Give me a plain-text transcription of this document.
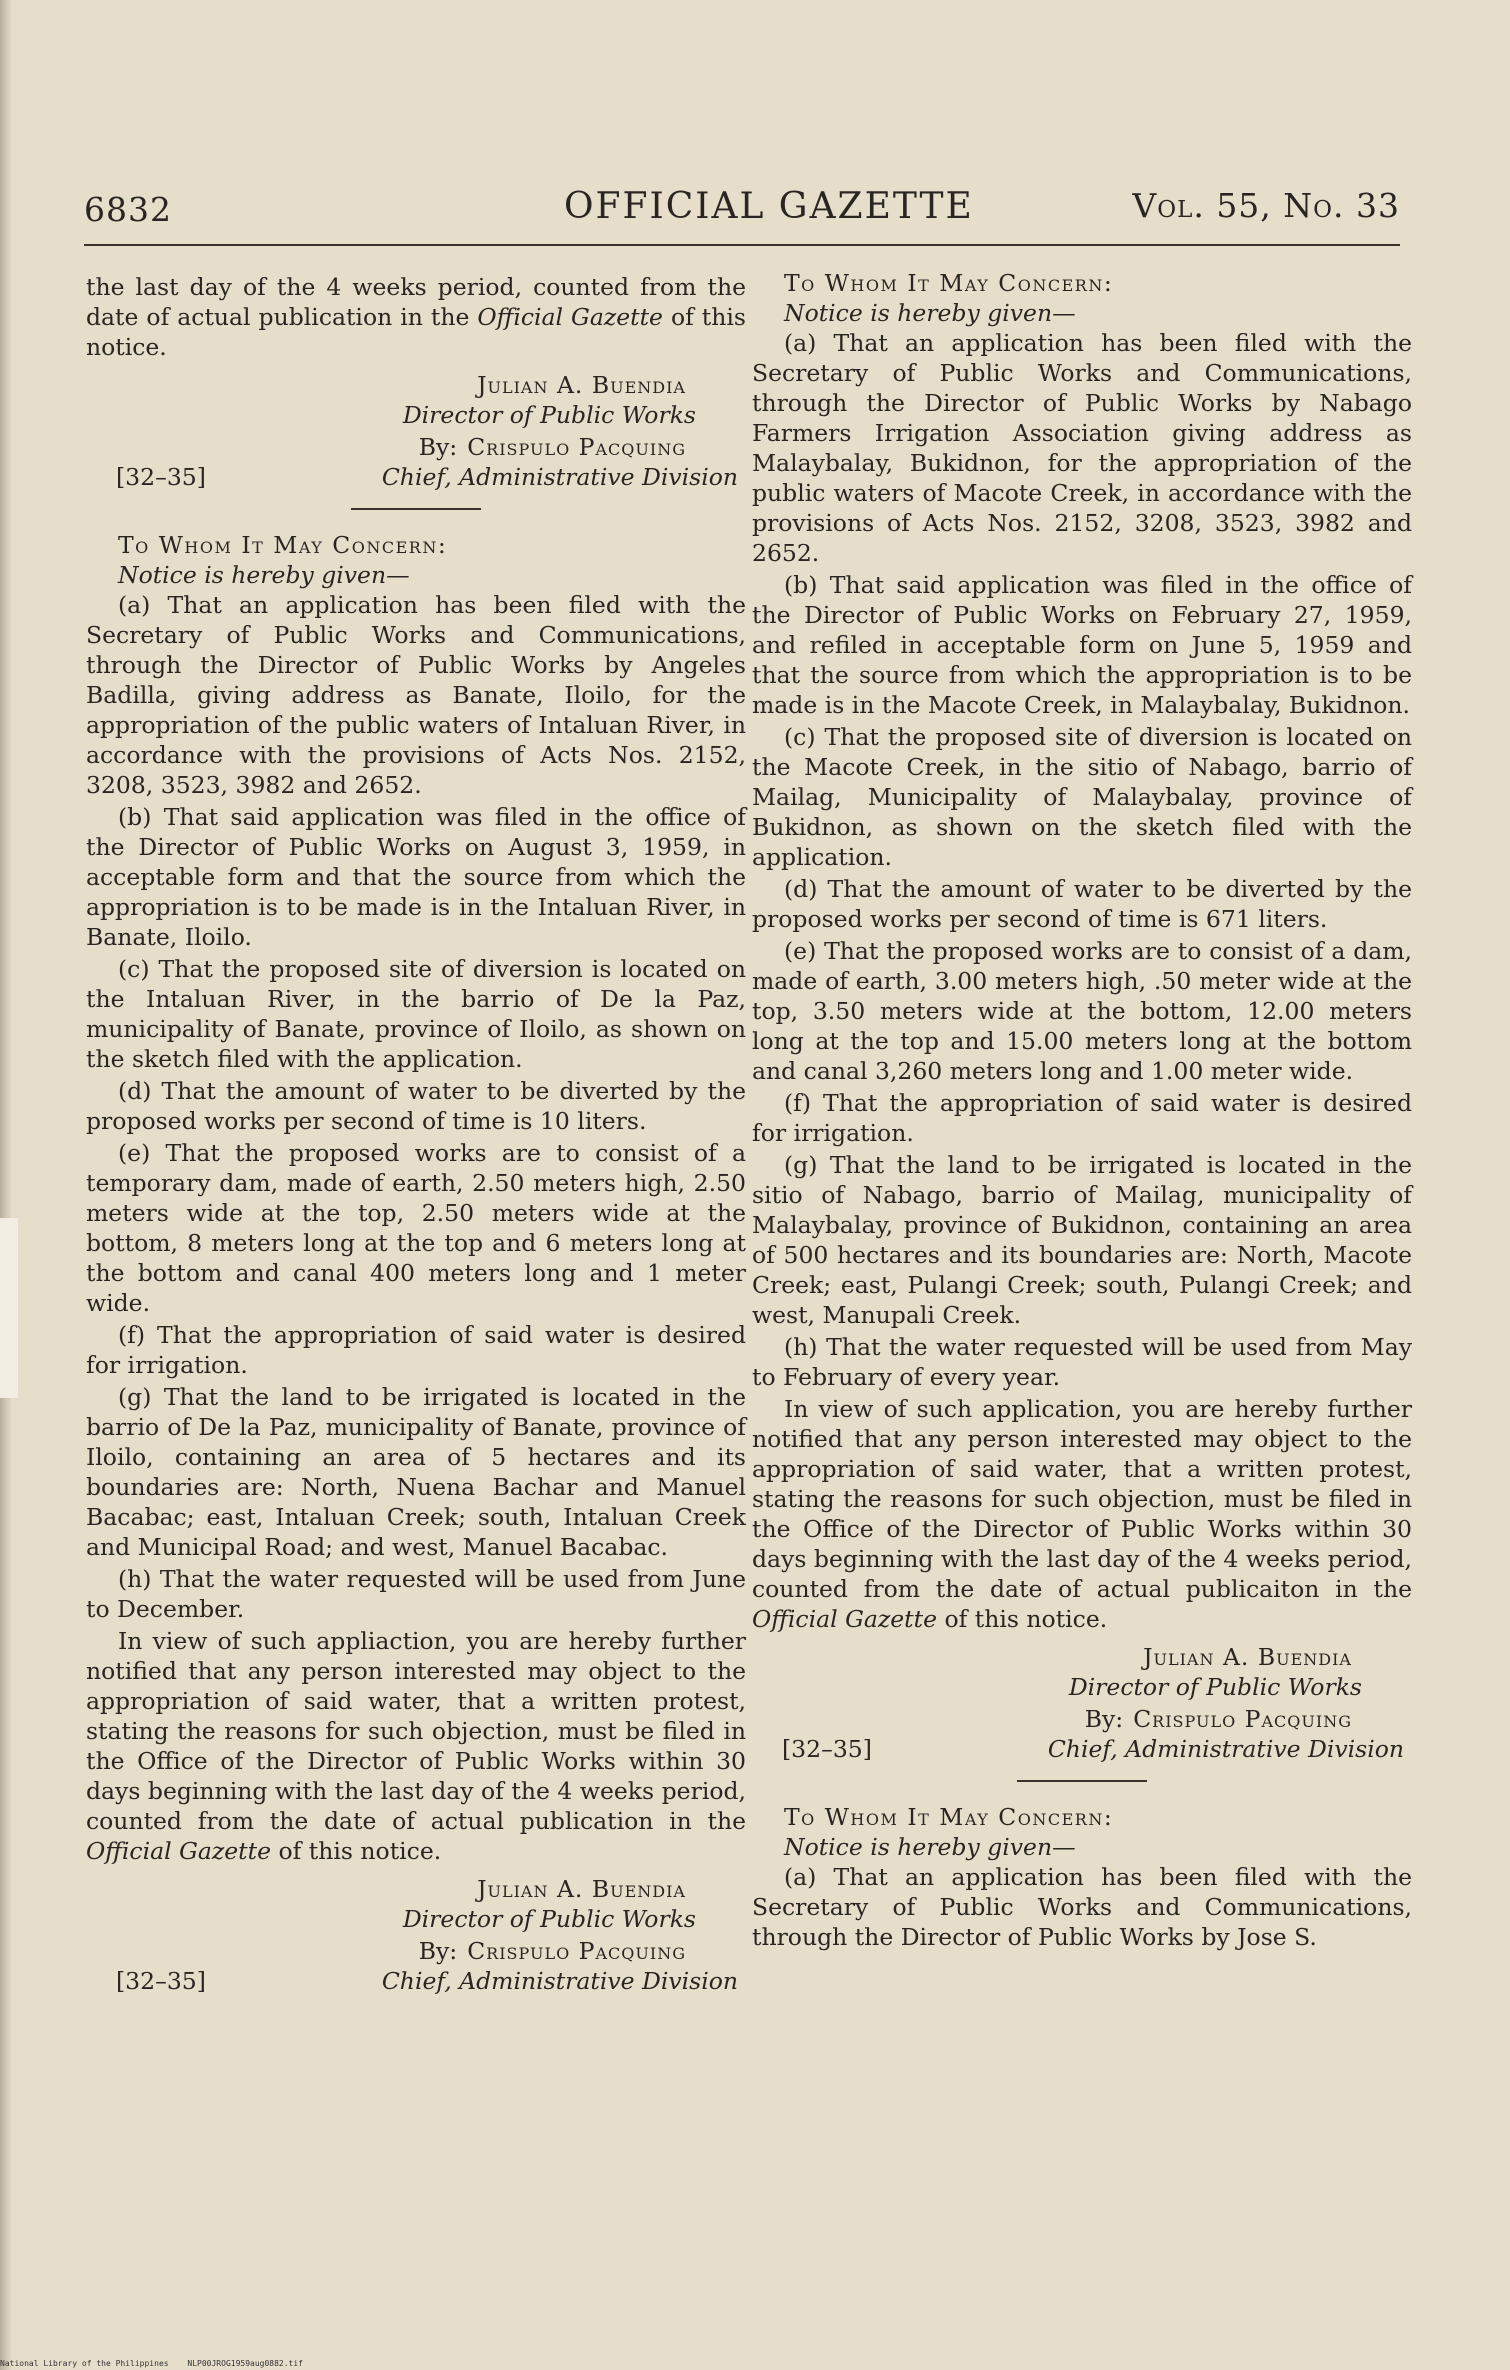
6832	OFFICIAL GAZETTE	Vol. 55, No. 33

the last day of the 4 weeks period, counted from the date of actual publication in the Official Gazette of this notice.

Julian A. Buendia
Director of Public Works
By: Crispulo Pacquing
[32–35]	Chief, Administrative Division

To Whom It May Concern:

Notice is hereby given—

(a) That an application has been filed with the Secretary of Public Works and Communications, through the Director of Public Works by Angeles Badilla, giving address as Banate, Iloilo, for the appropriation of the public waters of Intaluan River, in accordance with the provisions of Acts Nos. 2152, 3208, 3523, 3982 and 2652.

(b) That said application was filed in the office of the Director of Public Works on August 3, 1959, in acceptable form and that the source from which the appropriation is to be made is in the Intaluan River, in Banate, Iloilo.

(c) That the proposed site of diversion is located on the Intaluan River, in the barrio of De la Paz, municipality of Banate, province of Iloilo, as shown on the sketch filed with the application.

(d) That the amount of water to be diverted by the proposed works per second of time is 10 liters.

(e) That the proposed works are to consist of a temporary dam, made of earth, 2.50 meters high, 2.50 meters wide at the top, 2.50 meters wide at the bottom, 8 meters long at the top and 6 meters long at the bottom and canal 400 meters long and 1 meter wide.

(f) That the appropriation of said water is desired for irrigation.

(g) That the land to be irrigated is located in the barrio of De la Paz, municipality of Banate, province of Iloilo, containing an area of 5 hectares and its boundaries are: North, Nuena Bachar and Manuel Bacabac; east, Intaluan Creek; south, Intaluan Creek and Municipal Road; and west, Manuel Bacabac.

(h) That the water requested will be used from June to December.

In view of such appliaction, you are hereby further notified that any person interested may object to the appropriation of said water, that a written protest, stating the reasons for such objection, must be filed in the Office of the Director of Public Works within 30 days beginning with the last day of the 4 weeks period, counted from the date of actual publication in the Official Gazette of this notice.

Julian A. Buendia
Director of Public Works
By: Crispulo Pacquing
[32–35]	Chief, Administrative Division

To Whom It May Concern:

Notice is hereby given—

(a) That an application has been filed with the Secretary of Public Works and Communications, through the Director of Public Works by Nabago Farmers Irrigation Association giving address as Malaybalay, Bukidnon, for the appropriation of the public waters of Macote Creek, in accordance with the provisions of Acts Nos. 2152, 3208, 3523, 3982 and 2652.

(b) That said application was filed in the office of the Director of Public Works on February 27, 1959, and refiled in acceptable form on June 5, 1959 and that the source from which the appropriation is to be made is in the Macote Creek, in Malaybalay, Bukidnon.

(c) That the proposed site of diversion is located on the Macote Creek, in the sitio of Nabago, barrio of Mailag, Municipality of Malaybalay, province of Bukidnon, as shown on the sketch filed with the application.

(d) That the amount of water to be diverted by the proposed works per second of time is 671 liters.

(e) That the proposed works are to consist of a dam, made of earth, 3.00 meters high, .50 meter wide at the top, 3.50 meters wide at the bottom, 12.00 meters long at the top and 15.00 meters long at the bottom and canal 3,260 meters long and 1.00 meter wide.

(f) That the appropriation of said water is desired for irrigation.

(g) That the land to be irrigated is located in the sitio of Nabago, barrio of Mailag, municipality of Malaybalay, province of Bukidnon, containing an area of 500 hectares and its boundaries are: North, Macote Creek; east, Pulangi Creek; south, Pulangi Creek; and west, Manupali Creek.

(h) That the water requested will be used from May to February of every year.

In view of such application, you are hereby further notified that any person interested may object to the appropriation of said water, that a written protest, stating the reasons for such objection, must be filed in the Office of the Director of Public Works within 30 days beginning with the last day of the 4 weeks period, counted from the date of actual publicaiton in the Official Gazette of this notice.

Julian A. Buendia
Director of Public Works
By: Crispulo Pacquing
[32–35]	Chief, Administrative Division

To Whom It May Concern:

Notice is hereby given—

(a) That an application has been filed with the Secretary of Public Works and Communications, through the Director of Public Works by Jose S.

National Library of the Philippines NLP00JROG1959aug0882.tif
